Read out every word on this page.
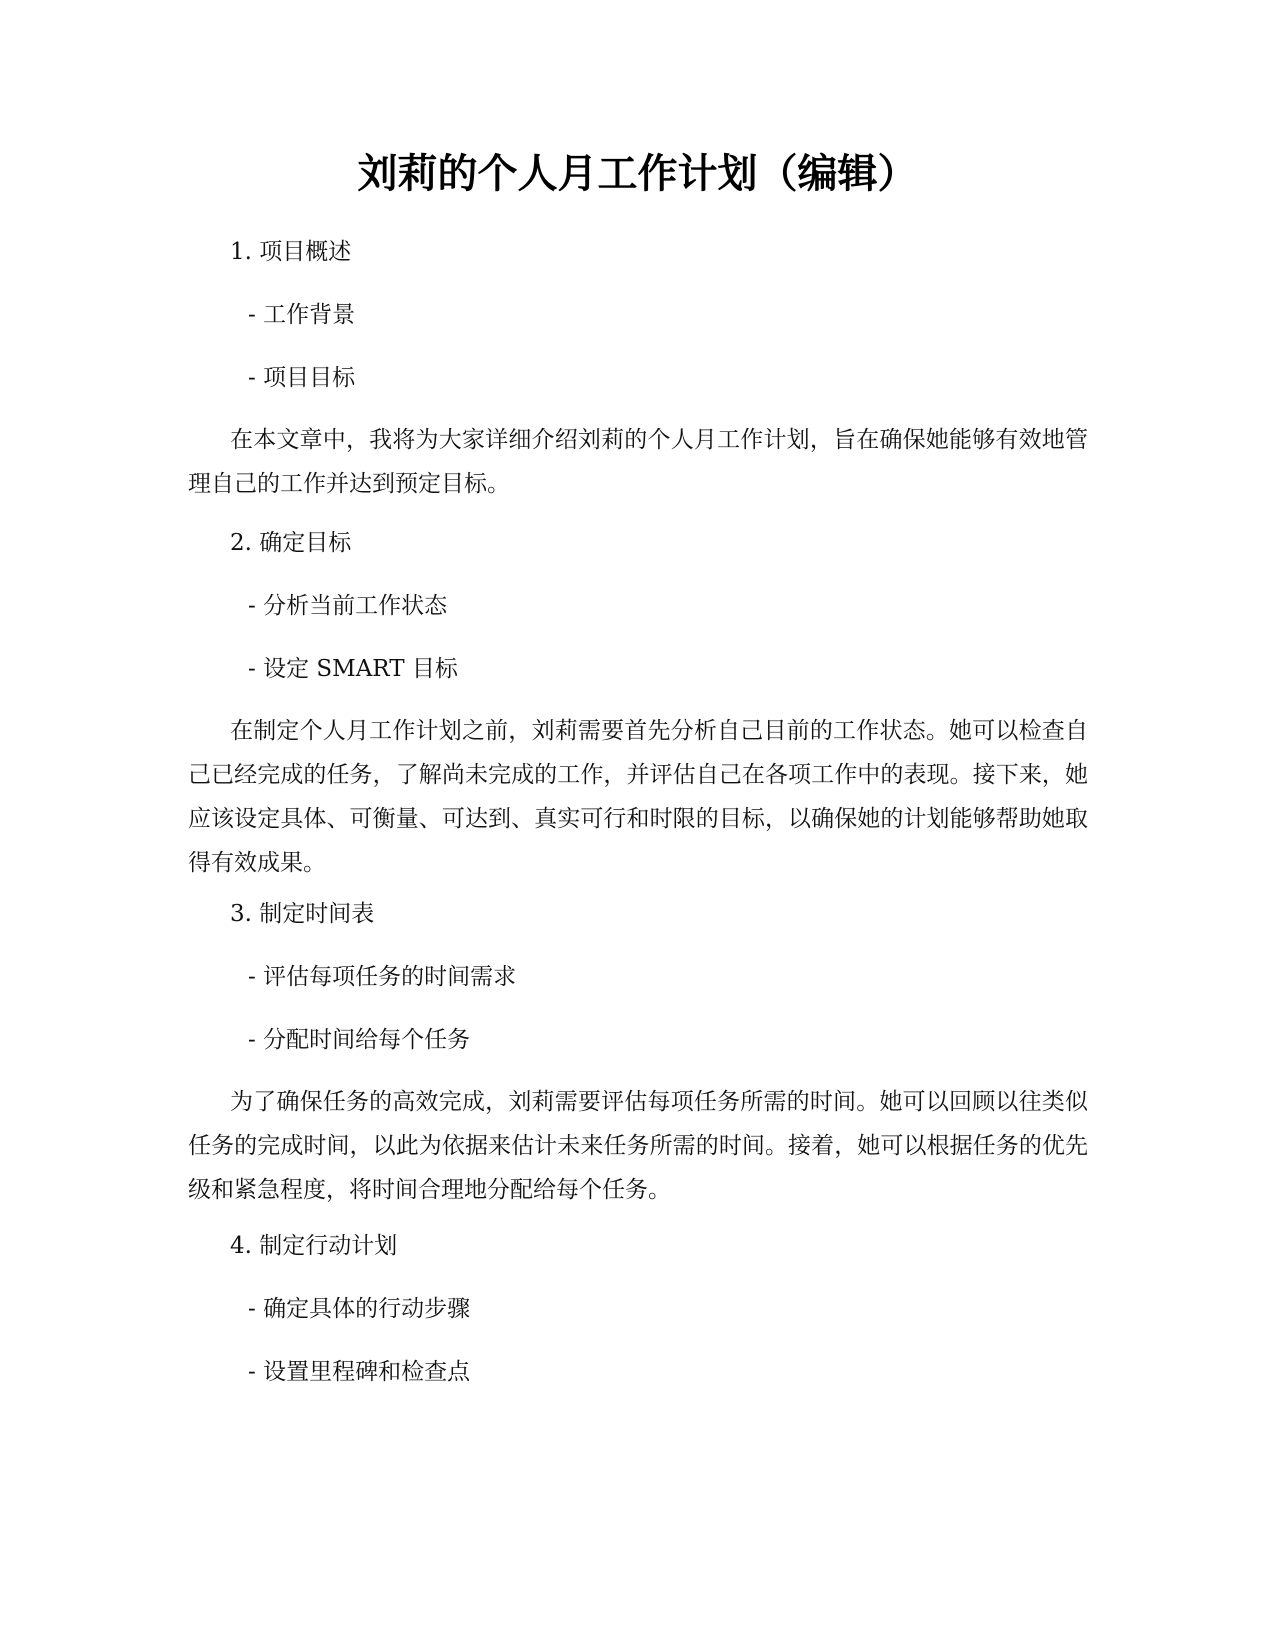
刘莉的个人月工作计划（编辑）

1. 项目概述

- 工作背景

- 项目目标

在本文章中，我将为大家详细介绍刘莉的个人月工作计划，旨在确保她能够有效地管理自己的工作并达到预定目标。

2. 确定目标

- 分析当前工作状态

- 设定 SMART 目标

在制定个人月工作计划之前，刘莉需要首先分析自己目前的工作状态。她可以检查自己已经完成的任务，了解尚未完成的工作，并评估自己在各项工作中的表现。接下来，她应该设定具体、可衡量、可达到、真实可行和时限的目标，以确保她的计划能够帮助她取得有效成果。

3. 制定时间表

- 评估每项任务的时间需求

- 分配时间给每个任务

为了确保任务的高效完成，刘莉需要评估每项任务所需的时间。她可以回顾以往类似任务的完成时间，以此为依据来估计未来任务所需的时间。接着，她可以根据任务的优先级和紧急程度，将时间合理地分配给每个任务。

4. 制定行动计划

- 确定具体的行动步骤

- 设置里程碑和检查点
